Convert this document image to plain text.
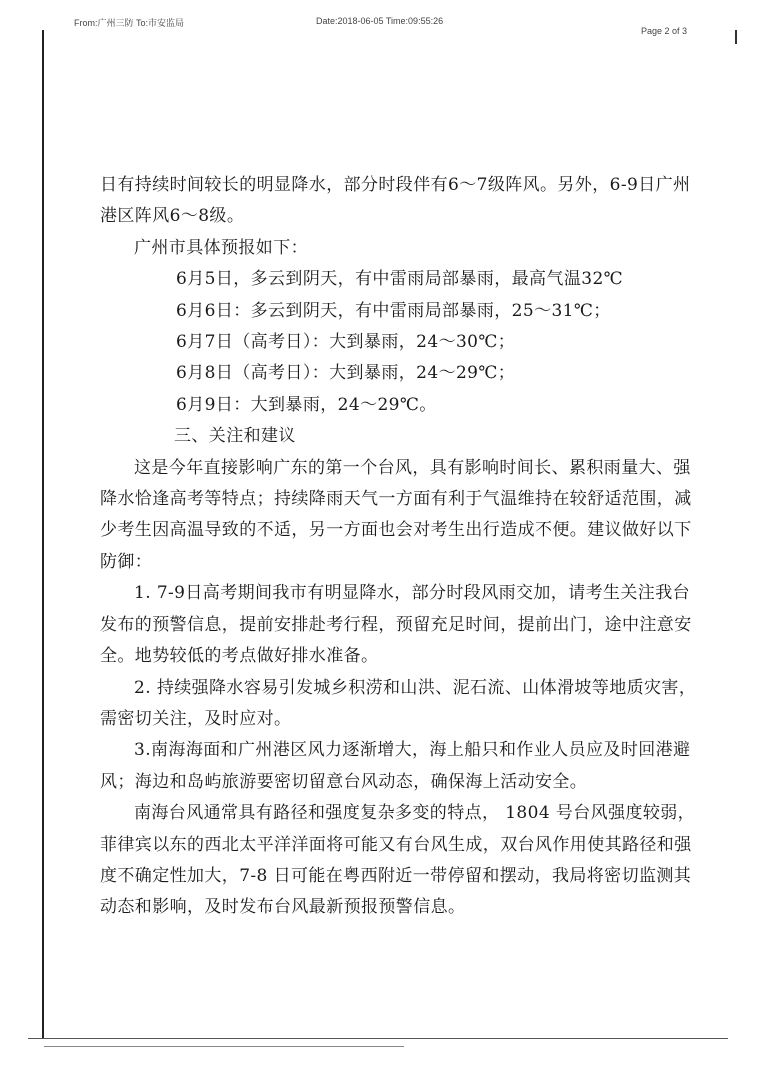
From:广州三防 To:市安监局	Date:2018-06-05 Time:09:55:26
Page 2 of 3

日有持续时间较长的明显降水，部分时段伴有6～7级阵风。另外，6-9日广州港区阵风6～8级。

广州市具体预报如下：

6月5日，多云到阴天，有中雷雨局部暴雨，最高气温32℃

6月6日：多云到阴天，有中雷雨局部暴雨，25～31℃；

6月7日（高考日）：大到暴雨，24～30℃；

6月8日（高考日）：大到暴雨，24～29℃；

6月9日：大到暴雨，24～29℃。

三、关注和建议

这是今年直接影响广东的第一个台风，具有影响时间长、累积雨量大、强降水恰逢高考等特点；持续降雨天气一方面有利于气温维持在较舒适范围，减少考生因高温导致的不适，另一方面也会对考生出行造成不便。建议做好以下防御：

1. 7-9日高考期间我市有明显降水，部分时段风雨交加，请考生关注我台发布的预警信息，提前安排赴考行程，预留充足时间，提前出门，途中注意安全。地势较低的考点做好排水准备。

2. 持续强降水容易引发城乡积涝和山洪、泥石流、山体滑坡等地质灾害，需密切关注，及时应对。

3.南海海面和广州港区风力逐渐增大，海上船只和作业人员应及时回港避风；海边和岛屿旅游要密切留意台风动态，确保海上活动安全。

南海台风通常具有路径和强度复杂多变的特点， 1804 号台风强度较弱，菲律宾以东的西北太平洋洋面将可能又有台风生成，双台风作用使其路径和强度不确定性加大，7-8 日可能在粤西附近一带停留和摆动，我局将密切监测其动态和影响，及时发布台风最新预报预警信息。
